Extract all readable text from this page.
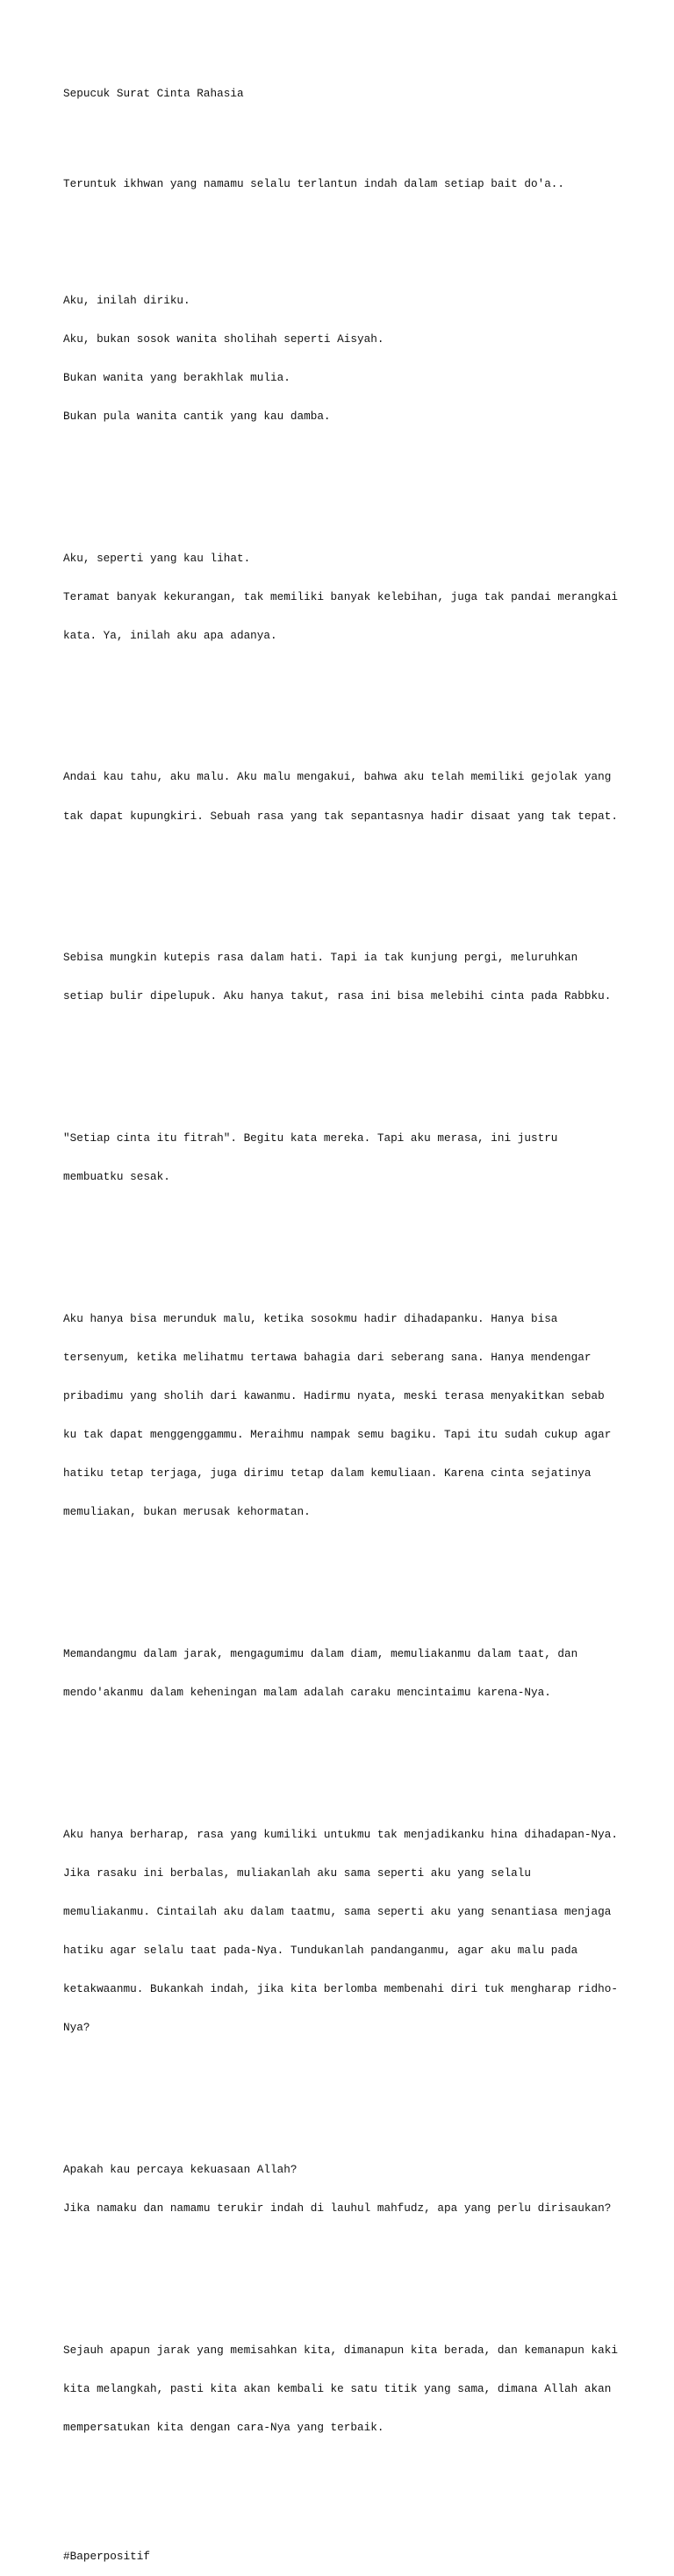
Sepucuk Surat Cinta Rahasia

Teruntuk ikhwan yang namamu selalu terlantun indah dalam setiap bait do'a..

Aku, inilah diriku.

Aku, bukan sosok wanita sholihah seperti Aisyah.

Bukan wanita yang berakhlak mulia.

Bukan pula wanita cantik yang kau damba.

Aku, seperti yang kau lihat.

Teramat banyak kekurangan, tak memiliki banyak kelebihan, juga tak pandai merangkai

kata. Ya, inilah aku apa adanya.

Andai kau tahu, aku malu. Aku malu mengakui, bahwa aku telah memiliki gejolak yang

tak dapat kupungkiri. Sebuah rasa yang tak sepantasnya hadir disaat yang tak tepat.

Sebisa mungkin kutepis rasa dalam hati. Tapi ia tak kunjung pergi, meluruhkan

setiap bulir dipelupuk. Aku hanya takut, rasa ini bisa melebihi cinta pada Rabbku.

"Setiap cinta itu fitrah". Begitu kata mereka. Tapi aku merasa, ini justru

membuatku sesak.

Aku hanya bisa merunduk malu, ketika sosokmu hadir dihadapanku. Hanya bisa

tersenyum, ketika melihatmu tertawa bahagia dari seberang sana. Hanya mendengar

pribadimu yang sholih dari kawanmu. Hadirmu nyata, meski terasa menyakitkan sebab

ku tak dapat menggenggammu. Meraihmu nampak semu bagiku. Tapi itu sudah cukup agar

hatiku tetap terjaga, juga dirimu tetap dalam kemuliaan. Karena cinta sejatinya

memuliakan, bukan merusak kehormatan.

Memandangmu dalam jarak, mengagumimu dalam diam, memuliakanmu dalam taat, dan

mendo'akanmu dalam keheningan malam adalah caraku mencintaimu karena-Nya.

Aku hanya berharap, rasa yang kumiliki untukmu tak menjadikanku hina dihadapan-Nya.

Jika rasaku ini berbalas, muliakanlah aku sama seperti aku yang selalu

memuliakanmu. Cintailah aku dalam taatmu, sama seperti aku yang senantiasa menjaga

hatiku agar selalu taat pada-Nya. Tundukanlah pandanganmu, agar aku malu pada

ketakwaanmu. Bukankah indah, jika kita berlomba membenahi diri tuk mengharap ridho-

Nya?

Apakah kau percaya kekuasaan Allah?

Jika namaku dan namamu terukir indah di lauhul mahfudz, apa yang perlu dirisaukan?

Sejauh apapun jarak yang memisahkan kita, dimanapun kita berada, dan kemanapun kaki

kita melangkah, pasti kita akan kembali ke satu titik yang sama, dimana Allah akan

mempersatukan kita dengan cara-Nya yang terbaik.

#Baperpositif
